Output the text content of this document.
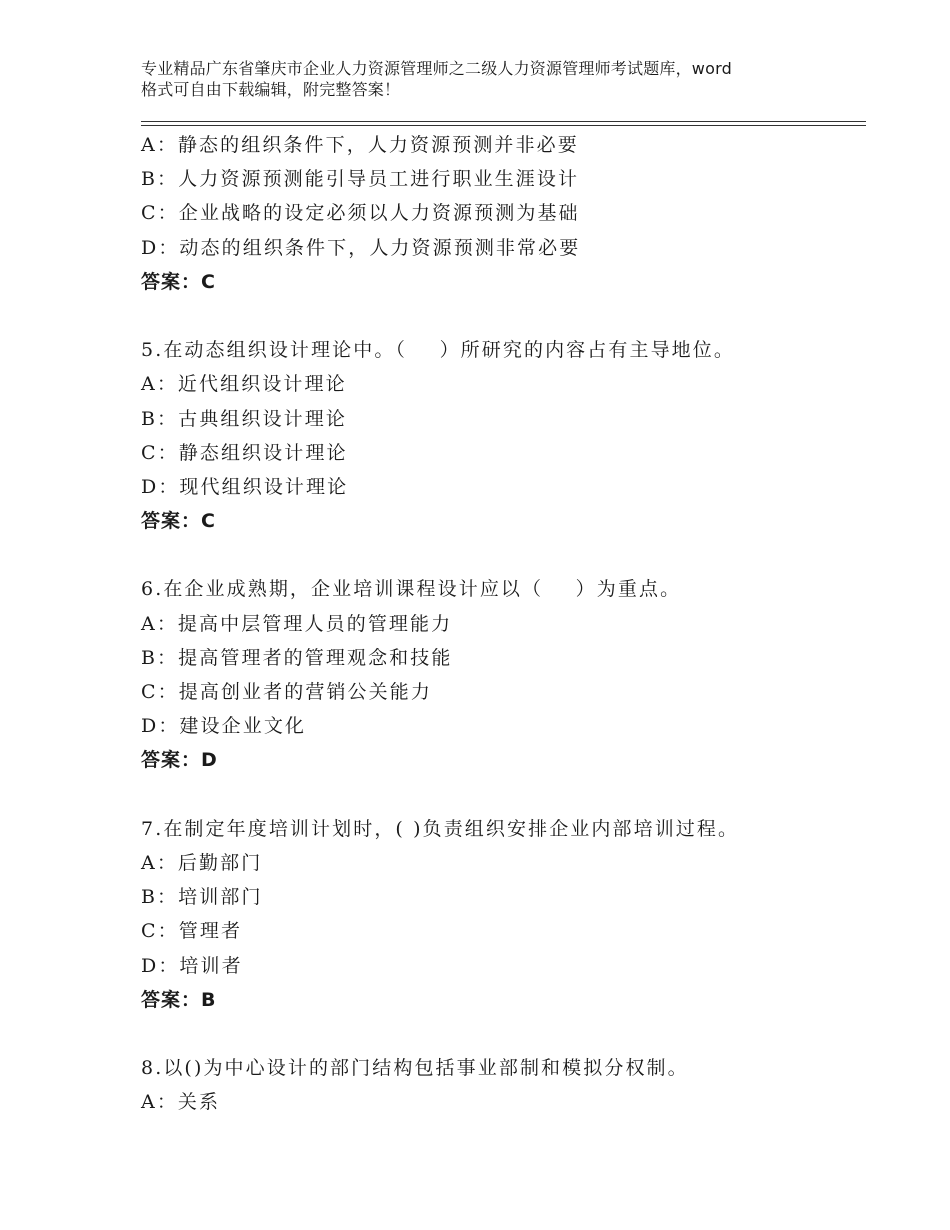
专业精品广东省肇庆市企业人力资源管理师之二级人力资源管理师考试题库，word
格式可自由下载编辑，附完整答案！
A：静态的组织条件下，人力资源预测并非必要
B：人力资源预测能引导员工进行职业生涯设计
C：企业战略的设定必须以人力资源预测为基础
D：动态的组织条件下，人力资源预测非常必要
答案：C
5.在动态组织设计理论中。（    ）所研究的内容占有主导地位。
A：近代组织设计理论
B：古典组织设计理论
C：静态组织设计理论
D：现代组织设计理论
答案：C
6.在企业成熟期，企业培训课程设计应以（    ）为重点。
A：提高中层管理人员的管理能力
B：提高管理者的管理观念和技能
C：提高创业者的营销公关能力
D：建设企业文化
答案：D
7.在制定年度培训计划时，( )负责组织安排企业内部培训过程。
A：后勤部门
B：培训部门
C：管理者
D：培训者
答案：B
8.以()为中心设计的部门结构包括事业部制和模拟分权制。
A：关系
